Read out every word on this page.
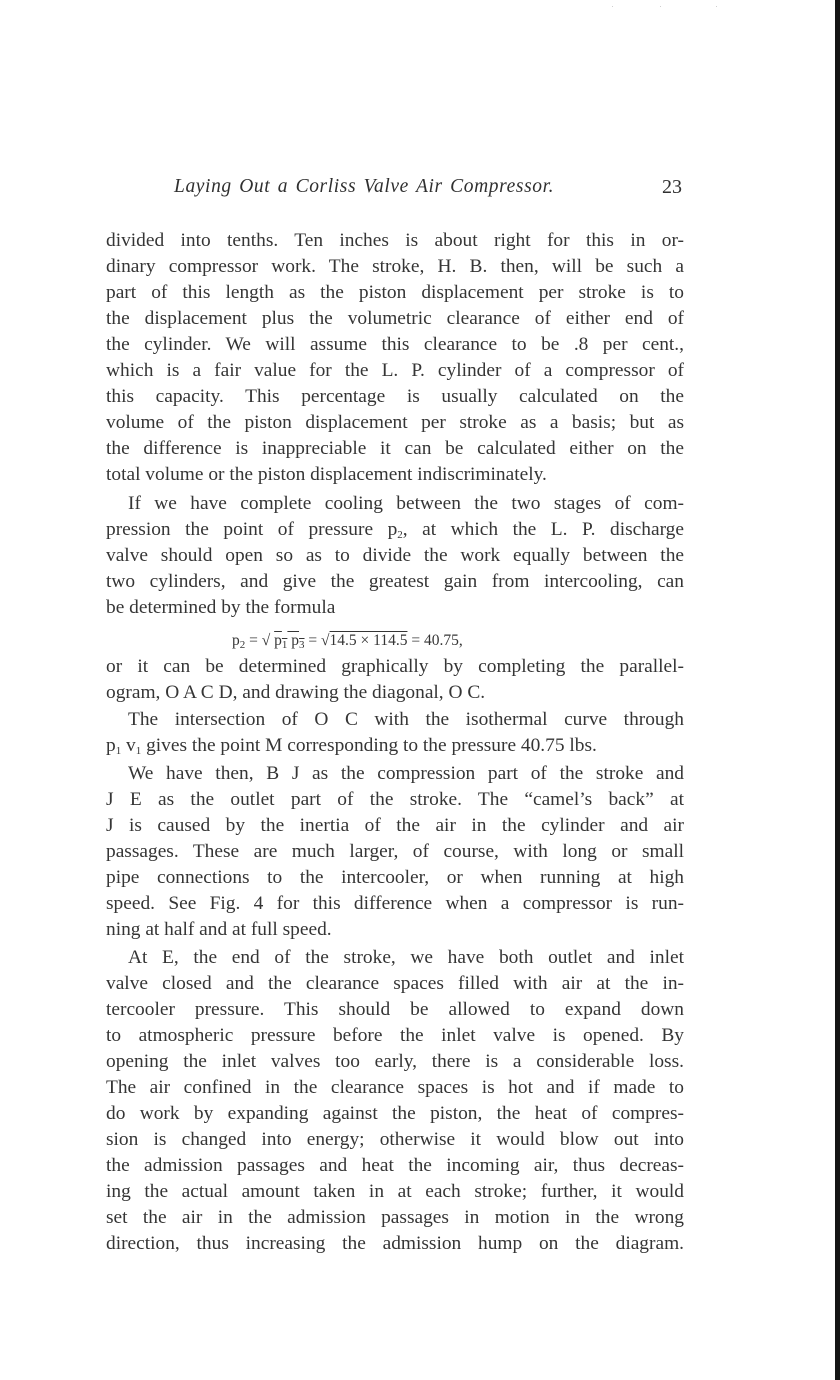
Laying Out a Corliss Valve Air Compressor.	23
divided into tenths. Ten inches is about right for this in or-
dinary compressor work. The stroke, H. B. then, will be such a
part of this length as the piston displacement per stroke is to
the displacement plus the volumetric clearance of either end of
the cylinder. We will assume this clearance to be .8 per cent.,
which is a fair value for the L. P. cylinder of a compressor of
this capacity. This percentage is usually calculated on the
volume of the piston displacement per stroke as a basis; but as
the difference is inappreciable it can be calculated either on the
total volume or the piston displacement indiscriminately.
If we have complete cooling between the two stages of com-
pression the point of pressure $p_2$, at which the L. P. discharge
valve should open so as to divide the work equally between the
two cylinders, and give the greatest gain from intercooling, can
be determined by the formula
$p_2$ = √ $p_1$ $p_3 = √14.5 \times 114.5 = 40.75$,
or it can be determined graphically by completing the parallel-
ogram, O A C D, and drawing the diagonal, O C.
The intersection of O C with the isothermal curve through
$p_1$ $v_1$ gives the point M corresponding to the pressure 40.75 lbs.
We have then, B J as the compression part of the stroke and
J E as the outlet part of the stroke. The “camel’s back” at
J is caused by the inertia of the air in the cylinder and air
passages. These are much larger, of course, with long or small
pipe connections to the intercooler, or when running at high
speed. See Fig. 4 for this difference when a compressor is run-
ning at half and at full speed.
At E, the end of the stroke, we have both outlet and inlet
valve closed and the clearance spaces filled with air at the in-
tercooler pressure. This should be allowed to expand down
to atmospheric pressure before the inlet valve is opened. By
opening the inlet valves too early, there is a considerable loss.
The air confined in the clearance spaces is hot and if made to
do work by expanding against the piston, the heat of compres-
sion is changed into energy; otherwise it would blow out into
the admission passages and heat the incoming air, thus decreas-
ing the actual amount taken in at each stroke; further, it would
set the air in the admission passages in motion in the wrong
direction, thus increasing the admission hump on the diagram.
